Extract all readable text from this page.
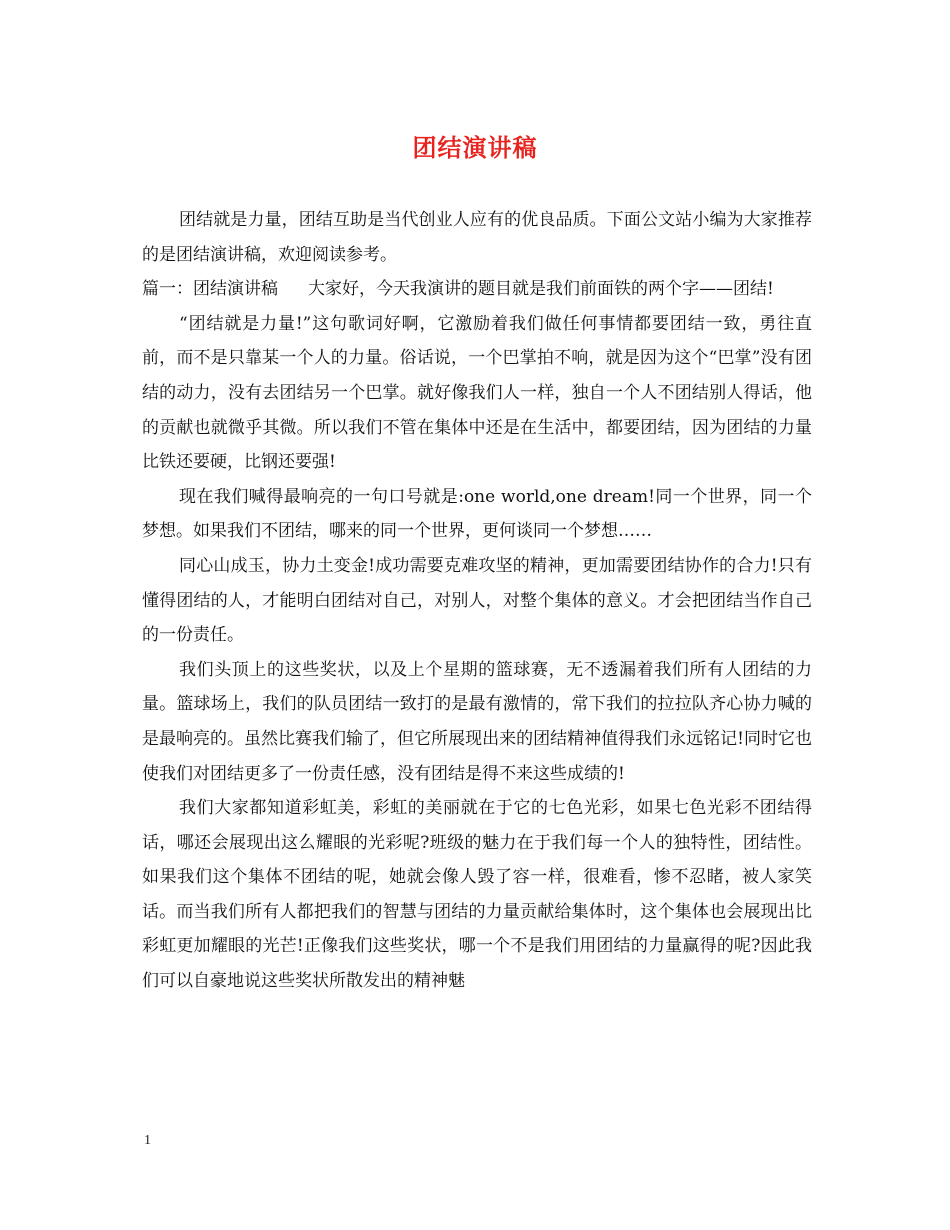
团结演讲稿

团结就是力量，团结互助是当代创业人应有的优良品质。下面公文站小编为大家推荐的是团结演讲稿，欢迎阅读参考。

篇一：团结演讲稿 大家好，今天我演讲的题目就是我们前面铁的两个字——团结!

“团结就是力量!”这句歌词好啊，它激励着我们做任何事情都要团结一致，勇往直前，而不是只靠某一个人的力量。俗话说，一个巴掌拍不响，就是因为这个“巴掌”没有团结的动力，没有去团结另一个巴掌。就好像我们人一样，独自一个人不团结别人得话，他的贡献也就微乎其微。所以我们不管在集体中还是在生活中，都要团结，因为团结的力量比铁还要硬，比钢还要强!

现在我们喊得最响亮的一句口号就是:one world,one dream!同一个世界，同一个梦想。如果我们不团结，哪来的同一个世界，更何谈同一个梦想……

同心山成玉，协力土变金!成功需要克难攻坚的精神，更加需要团结协作的合力!只有懂得团结的人，才能明白团结对自己，对别人，对整个集体的意义。才会把团结当作自己的一份责任。

我们头顶上的这些奖状，以及上个星期的篮球赛，无不透漏着我们所有人团结的力量。篮球场上，我们的队员团结一致打的是最有激情的，常下我们的拉拉队齐心协力喊的是最响亮的。虽然比赛我们输了，但它所展现出来的团结精神值得我们永远铭记!同时它也使我们对团结更多了一份责任感，没有团结是得不来这些成绩的!

我们大家都知道彩虹美，彩虹的美丽就在于它的七色光彩，如果七色光彩不团结得话，哪还会展现出这么耀眼的光彩呢?班级的魅力在于我们每一个人的独特性，团结性。如果我们这个集体不团结的呢，她就会像人毁了容一样，很难看，惨不忍睹，被人家笑话。而当我们所有人都把我们的智慧与团结的力量贡献给集体时，这个集体也会展现出比彩虹更加耀眼的光芒!正像我们这些奖状，哪一个不是我们用团结的力量赢得的呢?因此我们可以自豪地说这些奖状所散发出的精神魅

1
